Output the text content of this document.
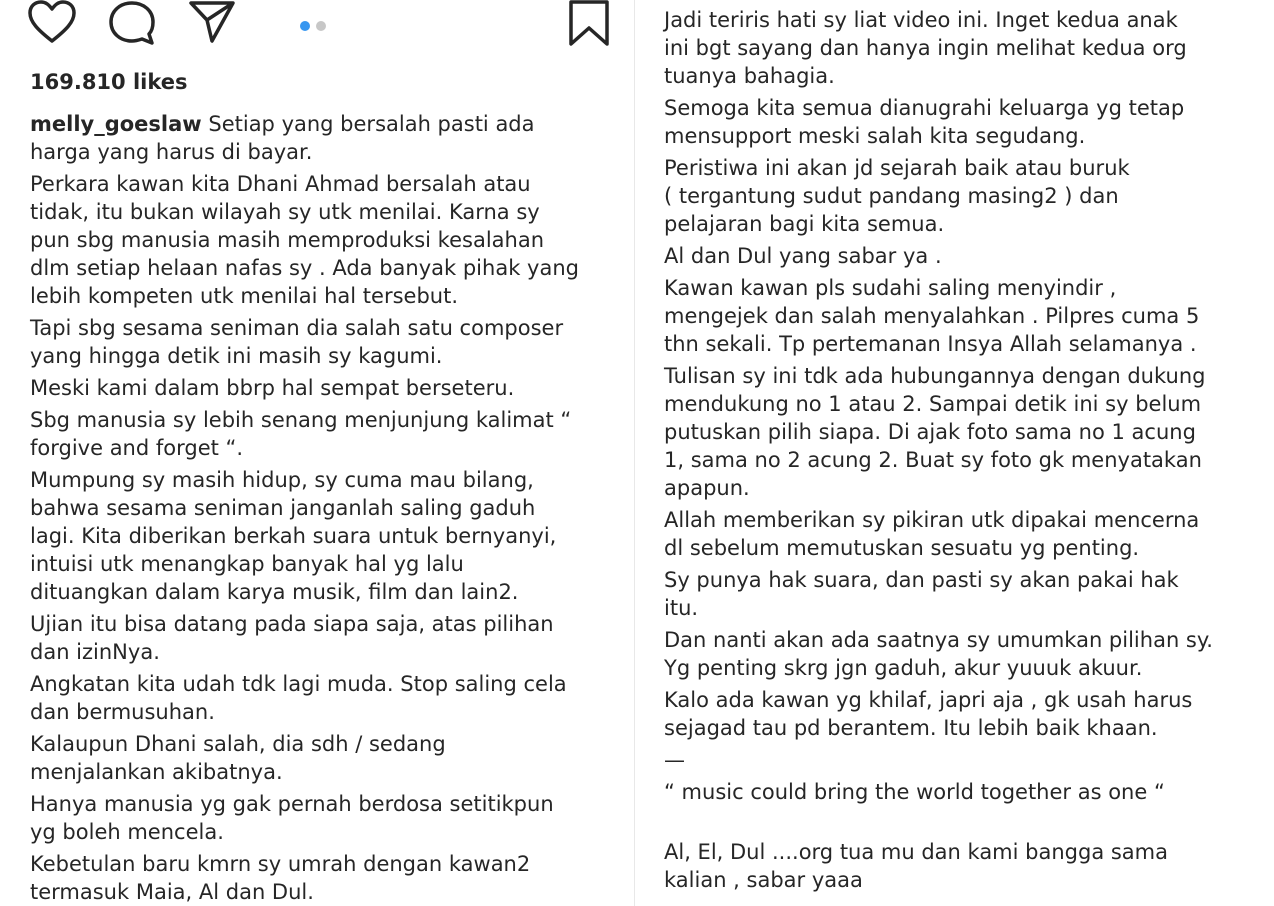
169.810 likes

melly_goeslaw Setiap yang bersalah pasti ada
harga yang harus di bayar.

Perkara kawan kita Dhani Ahmad bersalah atau
tidak, itu bukan wilayah sy utk menilai. Karna sy
pun sbg manusia masih memproduksi kesalahan
dlm setiap helaan nafas sy . Ada banyak pihak yang
lebih kompeten utk menilai hal tersebut.

Tapi sbg sesama seniman dia salah satu composer
yang hingga detik ini masih sy kagumi.

Meski kami dalam bbrp hal sempat berseteru.

Sbg manusia sy lebih senang menjunjung kalimat “
forgive and forget “.

Mumpung sy masih hidup, sy cuma mau bilang,
bahwa sesama seniman janganlah saling gaduh
lagi. Kita diberikan berkah suara untuk bernyanyi,
intuisi utk menangkap banyak hal yg lalu
dituangkan dalam karya musik, film dan lain2.

Ujian itu bisa datang pada siapa saja, atas pilihan
dan izinNya.

Angkatan kita udah tdk lagi muda. Stop saling cela
dan bermusuhan.

Kalaupun Dhani salah, dia sdh / sedang
menjalankan akibatnya.

Hanya manusia yg gak pernah berdosa setitikpun
yg boleh mencela.

Kebetulan baru kmrn sy umrah dengan kawan2
termasuk Maia, Al dan Dul.

Jadi teriris hati sy liat video ini. Inget kedua anak
ini bgt sayang dan hanya ingin melihat kedua org
tuanya bahagia.

Semoga kita semua dianugrahi keluarga yg tetap
mensupport meski salah kita segudang.

Peristiwa ini akan jd sejarah baik atau buruk
( tergantung sudut pandang masing2 ) dan
pelajaran bagi kita semua.

Al dan Dul yang sabar ya .

Kawan kawan pls sudahi saling menyindir ,
mengejek dan salah menyalahkan . Pilpres cuma 5
thn sekali. Tp pertemanan Insya Allah selamanya .

Tulisan sy ini tdk ada hubungannya dengan dukung
mendukung no 1 atau 2. Sampai detik ini sy belum
putuskan pilih siapa. Di ajak foto sama no 1 acung
1, sama no 2 acung 2. Buat sy foto gk menyatakan
apapun.

Allah memberikan sy pikiran utk dipakai mencerna
dl sebelum memutuskan sesuatu yg penting.

Sy punya hak suara, dan pasti sy akan pakai hak
itu.

Dan nanti akan ada saatnya sy umumkan pilihan sy.
Yg penting skrg jgn gaduh, akur yuuuk akuur.

Kalo ada kawan yg khilaf, japri aja , gk usah harus
sejagad tau pd berantem. Itu lebih baik khaan.

—

“ music could bring the world together as one “

Al, El, Dul ....org tua mu dan kami bangga sama
kalian , sabar yaaa
